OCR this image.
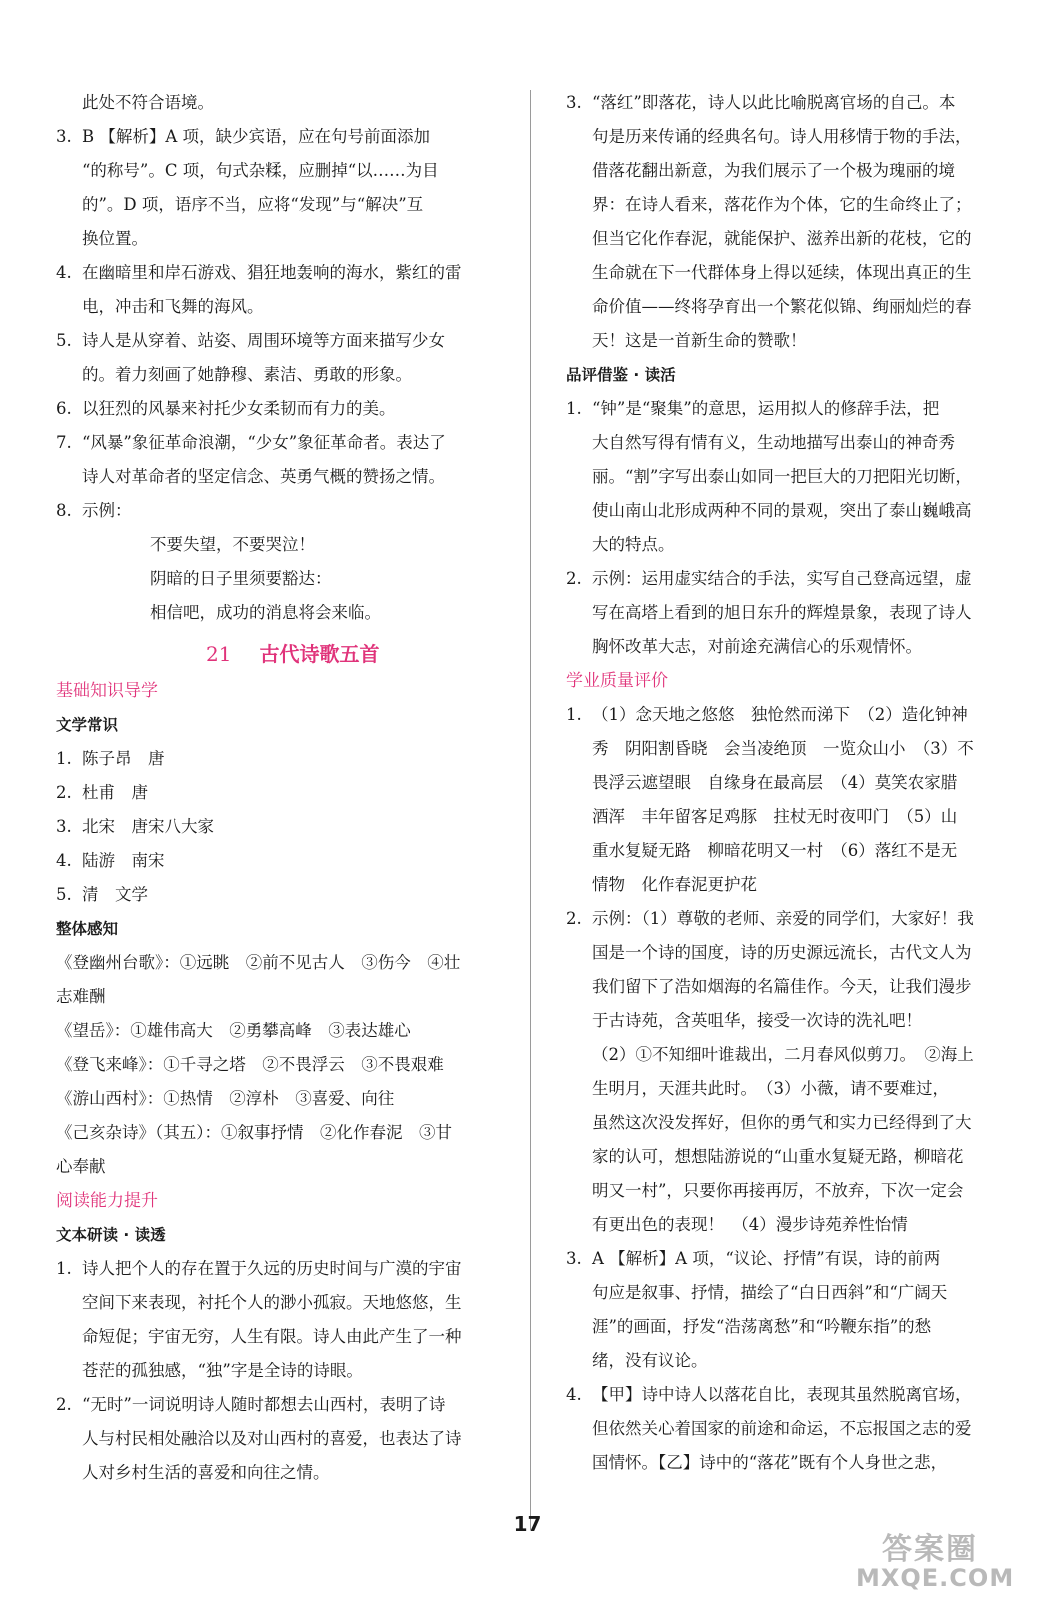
此处不符合语境。

3. B 【解析】A 项，缺少宾语，应在句号前面添加
“的称号”。C 项，句式杂糅，应删掉“以……为目
的”。D 项，语序不当，应将“发现”与“解决”互
换位置。
4. 在幽暗里和岸石游戏、猖狂地轰响的海水，紫红的雷
电，冲击和飞舞的海风。
5. 诗人是从穿着、站姿、周围环境等方面来描写少女
的。着力刻画了她静穆、素洁、勇敢的形象。
6. 以狂烈的风暴来衬托少女柔韧而有力的美。
7. “风暴”象征革命浪潮，“少女”象征革命者。表达了
诗人对革命者的坚定信念、英勇气概的赞扬之情。
8. 示例：
不要失望，不要哭泣！
阴暗的日子里须要豁达：
相信吧，成功的消息将会来临。
21 古代诗歌五首

基础知识导学

文学常识

1. 陈子昂　唐
2. 杜甫　唐
3. 北宋　唐宋八大家
4. 陆游　南宋
5. 清　文学

整体感知

《登幽州台歌》：①远眺　②前不见古人　③伤今　④壮
志难酬
《望岳》：①雄伟高大　②勇攀高峰　③表达雄心
《登飞来峰》：①千寻之塔　②不畏浮云　③不畏艰难
《游山西村》：①热情　②淳朴　③喜爱、向往
《己亥杂诗》（其五）：①叙事抒情　②化作春泥　③甘
心奉献

阅读能力提升

文本研读 · 读透

1. 诗人把个人的存在置于久远的历史时间与广漠的宇宙
空间下来表现，衬托个人的渺小孤寂。天地悠悠，生
命短促；宇宙无穷，人生有限。诗人由此产生了一种
苍茫的孤独感，“独”字是全诗的诗眼。
2. “无时”一词说明诗人随时都想去山西村，表明了诗
人与村民相处融洽以及对山西村的喜爱，也表达了诗
人对乡村生活的喜爱和向往之情。
3. “落红”即落花，诗人以此比喻脱离官场的自己。本
句是历来传诵的经典名句。诗人用移情于物的手法，
借落花翻出新意，为我们展示了一个极为瑰丽的境
界：在诗人看来，落花作为个体，它的生命终止了；
但当它化作春泥，就能保护、滋养出新的花枝，它的
生命就在下一代群体身上得以延续，体现出真正的生
命价值——终将孕育出一个繁花似锦、绚丽灿烂的春
天！这是一首新生命的赞歌！

品评借鉴 · 读活

1. “钟”是“聚集”的意思，运用拟人的修辞手法，把
大自然写得有情有义，生动地描写出泰山的神奇秀
丽。“割”字写出泰山如同一把巨大的刀把阳光切断，
使山南山北形成两种不同的景观，突出了泰山巍峨高
大的特点。
2. 示例：运用虚实结合的手法，实写自己登高远望，虚
写在高塔上看到的旭日东升的辉煌景象，表现了诗人
胸怀改革大志，对前途充满信心的乐观情怀。

学业质量评价

1. （1）念天地之悠悠　独怆然而涕下　（2）造化钟神
秀　阴阳割昏晓　会当凌绝顶　一览众山小　（3）不
畏浮云遮望眼　自缘身在最高层　（4）莫笑农家腊
酒浑　丰年留客足鸡豚　拄杖无时夜叩门　（5）山
重水复疑无路　柳暗花明又一村　（6）落红不是无
情物　化作春泥更护花
2. 示例：（1）尊敬的老师、亲爱的同学们，大家好！我
国是一个诗的国度，诗的历史源远流长，古代文人为
我们留下了浩如烟海的名篇佳作。今天，让我们漫步
于古诗苑，含英咀华，接受一次诗的洗礼吧！
（2）①不知细叶谁裁出，二月春风似剪刀。　②海上
生明月，天涯共此时。　（3）小薇，请不要难过，
虽然这次没发挥好，但你的勇气和实力已经得到了大
家的认可，想想陆游说的“山重水复疑无路，柳暗花
明又一村”，只要你再接再厉，不放弃，下次一定会
有更出色的表现！　（4）漫步诗苑养性怡情
3. A 【解析】A 项，“议论、抒情”有误，诗的前两
句应是叙事、抒情，描绘了“白日西斜”和“广阔天
涯”的画面，抒发“浩荡离愁”和“吟鞭东指”的愁
绪，没有议论。
4. 【甲】诗中诗人以落花自比，表现其虽然脱离官场，
但依然关心着国家的前途和命运，不忘报国之志的爱
国情怀。【乙】诗中的“落花”既有个人身世之悲，
17
答案圈
MXQE.COM
